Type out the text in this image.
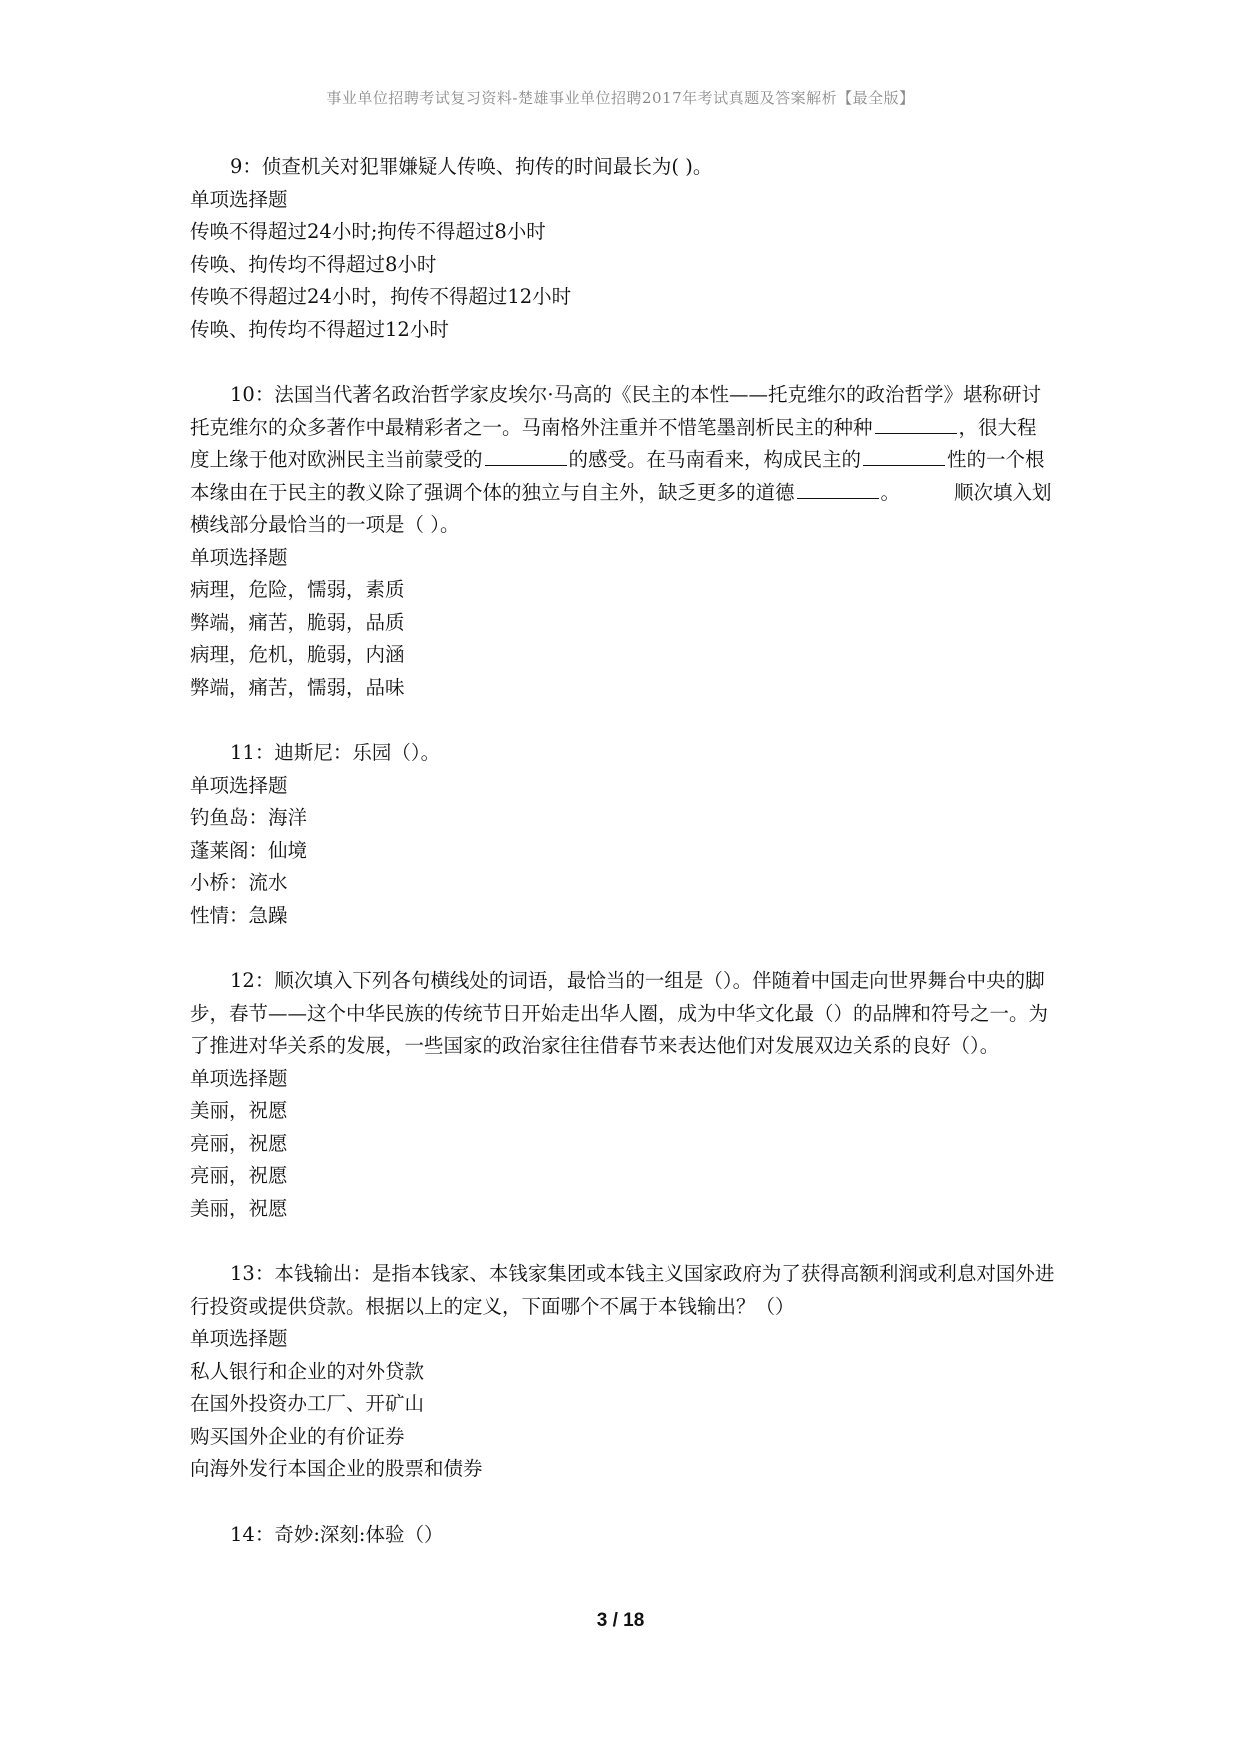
事业单位招聘考试复习资料-楚雄事业单位招聘2017年考试真题及答案解析【最全版】

9：侦查机关对犯罪嫌疑人传唤、拘传的时间最长为( )。

单项选择题

传唤不得超过24小时;拘传不得超过8小时

传唤、拘传均不得超过8小时

传唤不得超过24小时，拘传不得超过12小时

传唤、拘传均不得超过12小时

10：法国当代著名政治哲学家皮埃尔·马高的《民主的本性——托克维尔的政治哲学》堪称研讨托克维尔的众多著作中最精彩者之一。马南格外注重并不惜笔墨剖析民主的种种	，很大程度上缘于他对欧洲民主当前蒙受的	的感受。在马南看来，构成民主的	性的一个根本缘由在于民主的教义除了强调个体的独立与自主外，缺乏更多的道德	。	顺次填入划横线部分最恰当的一项是（ ）。

单项选择题

病理，危险，懦弱，素质

弊端，痛苦，脆弱，品质

病理，危机，脆弱，内涵

弊端，痛苦，懦弱，品味

11：迪斯尼：乐园（）。

单项选择题

钓鱼岛：海洋

蓬莱阁：仙境

小桥：流水

性情：急躁

12：顺次填入下列各句横线处的词语，最恰当的一组是（）。伴随着中国走向世界舞台中央的脚步，春节——这个中华民族的传统节日开始走出华人圈，成为中华文化最（）的品牌和符号之一。为了推进对华关系的发展，一些国家的政治家往往借春节来表达他们对发展双边关系的良好（）。

单项选择题

美丽，祝愿

亮丽，祝愿

亮丽，祝愿

美丽，祝愿

13：本钱输出：是指本钱家、本钱家集团或本钱主义国家政府为了获得高额利润或利息对国外进行投资或提供贷款。根据以上的定义，下面哪个不属于本钱输出？（）

单项选择题

私人银行和企业的对外贷款

在国外投资办工厂、开矿山

购买国外企业的有价证券

向海外发行本国企业的股票和债券

14：奇妙:深刻:体验（）

3 / 18
